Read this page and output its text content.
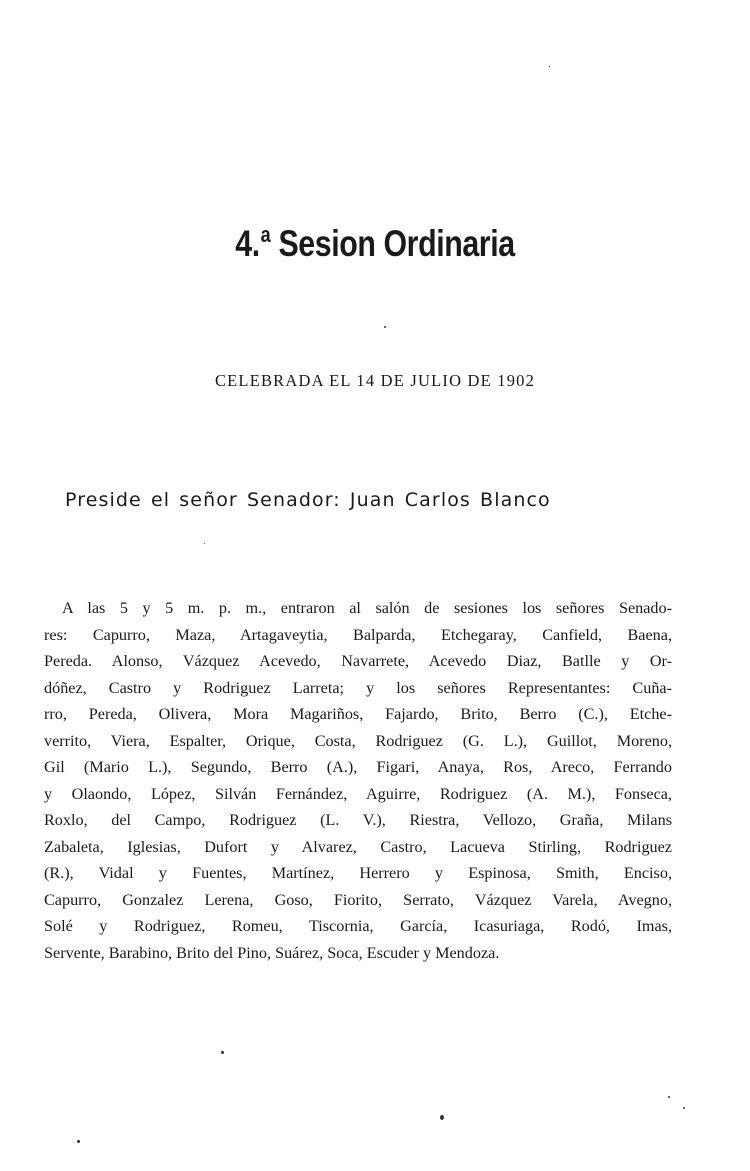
4.$^a$ Sesion Ordinaria
CELEBRADA EL 14 DE JULIO DE 1902
Preside el señor Senador: Juan Carlos Blanco
A las 5 y 5 m. p. m., entraron al salón de sesiones los señores Senado-
res: Capurro, Maza, Artagaveytia, Balparda, Etchegaray, Canfield, Baena,
Pereda. Alonso, Vázquez Acevedo, Navarrete, Acevedo Diaz, Batlle y Or-
dóñez, Castro y Rodriguez Larreta; y los señores Representantes: Cuña-
rro, Pereda, Olivera, Mora Magariños, Fajardo, Brito, Berro (C.), Etche-
verrito, Viera, Espalter, Orique, Costa, Rodriguez (G. L.), Guillot, Moreno,
Gil (Mario L.), Segundo, Berro (A.), Figari, Anaya, Ros, Areco, Ferrando
y Olaondo, López, Silván Fernández, Aguirre, Rodriguez (A. M.), Fonseca,
Roxlo, del Campo, Rodriguez (L. V.), Riestra, Vellozo, Graña, Milans
Zabaleta, Iglesias, Dufort y Alvarez, Castro, Lacueva Stirling, Rodriguez
(R.), Vidal y Fuentes, Martínez, Herrero y Espinosa, Smith, Enciso,
Capurro, Gonzalez Lerena, Goso, Fiorito, Serrato, Vázquez Varela, Avegno,
Solé y Rodriguez, Romeu, Tiscornia, García, Icasuriaga, Rodó, Imas,
Servente, Barabino, Brito del Pino, Suárez, Soca, Escuder y Mendoza.
